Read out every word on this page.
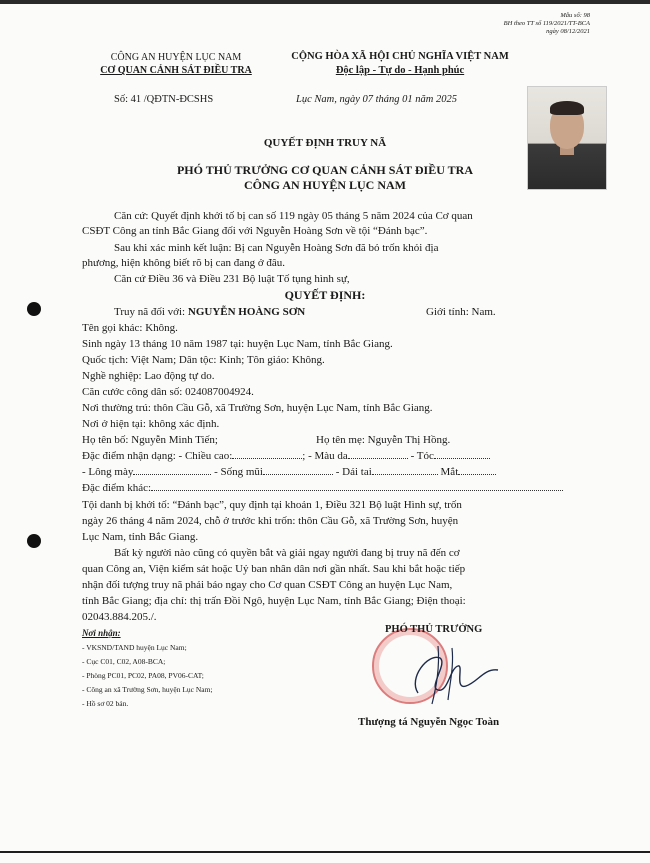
Mẫu số: 98
BH theo TT số 119/2021/TT-BCA
ngày 08/12/2021
CÔNG AN HUYỆN LỤC NAM
CƠ QUAN CẢNH SÁT ĐIỀU TRA
CỘNG HÒA XÃ HỘI CHỦ NGHĨA VIỆT NAM
Độc lập - Tự do - Hạnh phúc
Số: 41 /QĐTN-ĐCSHS	Lục Nam, ngày 07 tháng 01 năm 2025
QUYẾT ĐỊNH TRUY NÃ
PHÓ THỦ TRƯỞNG CƠ QUAN CẢNH SÁT ĐIỀU TRA
CÔNG AN HUYỆN LỤC NAM
Căn cứ: Quyết định khởi tố bị can số 119 ngày 05 tháng 5 năm 2024 của Cơ quan
CSĐT Công an tỉnh Bắc Giang đối với Nguyễn Hoàng Sơn về tội “Đánh bạc”.
Sau khi xác minh kết luận: Bị can Nguyễn Hoàng Sơn đã bỏ trốn khỏi địa
phương, hiện không biết rõ bị can đang ở đâu.
Căn cứ Điều 36 và Điều 231 Bộ luật Tố tụng hình sự,
QUYẾT ĐỊNH:
Truy nã đối với: NGUYỄN HOÀNG SƠN	Giới tính: Nam.
Tên gọi khác: Không.
Sinh ngày 13 tháng 10 năm 1987 tại: huyện Lục Nam, tỉnh Bắc Giang.
Quốc tịch: Việt Nam; Dân tộc: Kinh; Tôn giáo: Không.
Nghề nghiệp: Lao động tự do.
Căn cước công dân số: 024087004924.
Nơi thường trú: thôn Cầu Gỗ, xã Trường Sơn, huyện Lục Nam, tỉnh Bắc Giang.
Nơi ở hiện tại: không xác định.
Họ tên bố: Nguyễn Minh Tiến;	Họ tên mẹ: Nguyễn Thị Hồng.
Đặc điểm nhận dạng: - Chiều cao:	; - Màu da	- Tóc
- Lông mày	- Sống mũi	- Dái tai	Mắt
Đặc điểm khác:
Tội danh bị khởi tố: “Đánh bạc”, quy định tại khoản 1, Điều 321 Bộ luật Hình sự, trốn
ngày 26 tháng 4 năm 2024, chỗ ở trước khi trốn: thôn Cầu Gỗ, xã Trường Sơn, huyện
Lục Nam, tỉnh Bắc Giang.
Bất kỳ người nào cũng có quyền bắt và giải ngay người đang bị truy nã đến cơ
quan Công an, Viện kiểm sát hoặc Uỷ ban nhân dân nơi gần nhất. Sau khi bắt hoặc tiếp
nhận đối tượng truy nã phải báo ngay cho Cơ quan CSĐT Công an huyện Lục Nam,
tỉnh Bắc Giang; địa chỉ: thị trấn Đồi Ngô, huyện Lục Nam, tỉnh Bắc Giang; Điện thoại:
02043.884.205./.
Nơi nhận:
- VKSND/TAND huyện Lục Nam;
- Cục C01, C02, A08-BCA;
- Phòng PC01, PC02, PA08, PV06-CAT;
- Công an xã Trường Sơn, huyện Lục Nam;
- Hồ sơ 02 bản.
PHÓ THỦ TRƯỞNG
Thượng tá Nguyễn Ngọc Toàn
